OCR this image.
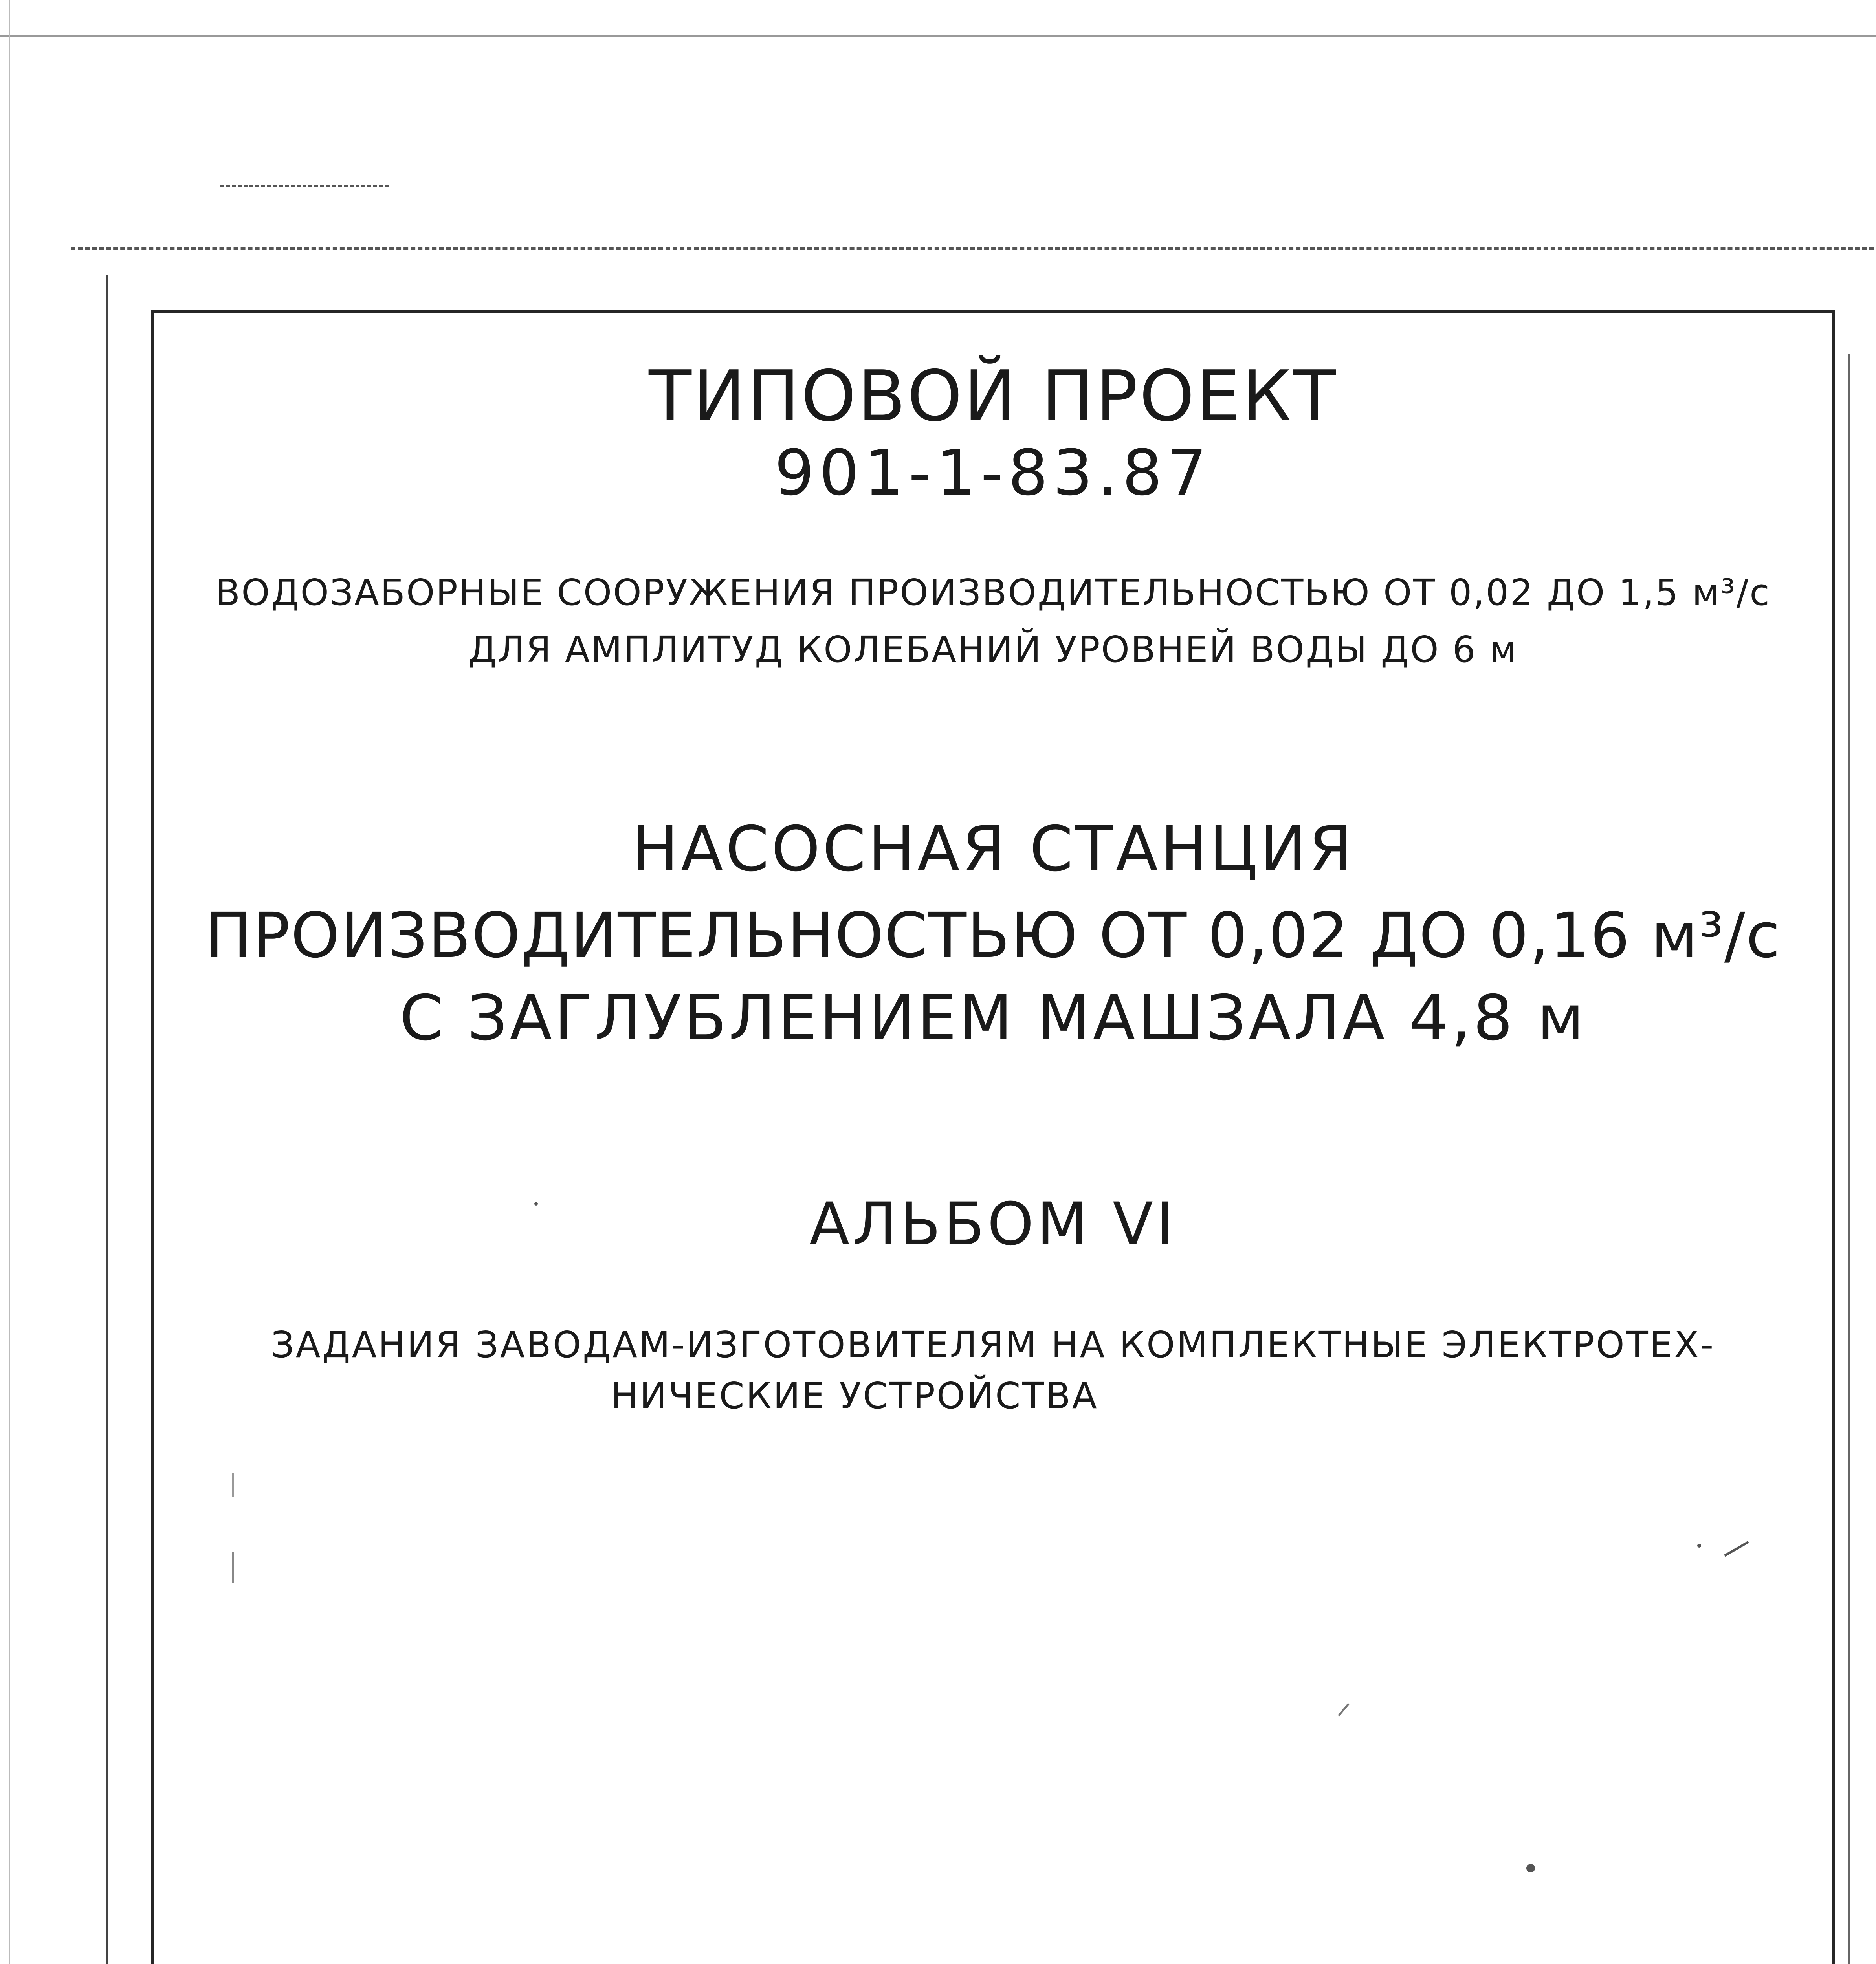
ТИПОВОЙ ПРОЕКТ
901-1-83.87
ВОДОЗАБОРНЫЕ СООРУЖЕНИЯ ПРОИЗВОДИТЕЛЬНОСТЬЮ ОТ 0,02 ДО 1,5 м³/с
ДЛЯ АМПЛИТУД КОЛЕБАНИЙ УРОВНЕЙ ВОДЫ ДО 6 м
НАСОСНАЯ СТАНЦИЯ
ПРОИЗВОДИТЕЛЬНОСТЬЮ ОТ 0,02 ДО 0,16 м³/с
С ЗАГЛУБЛЕНИЕМ МАШЗАЛА 4,8 м
АЛЬБОМ VI
ЗАДАНИЯ ЗАВОДАМ-ИЗГОТОВИТЕЛЯМ НА КОМПЛЕКТНЫЕ ЭЛЕКТРОТЕХ-
НИЧЕСКИЕ УСТРОЙСТВА
